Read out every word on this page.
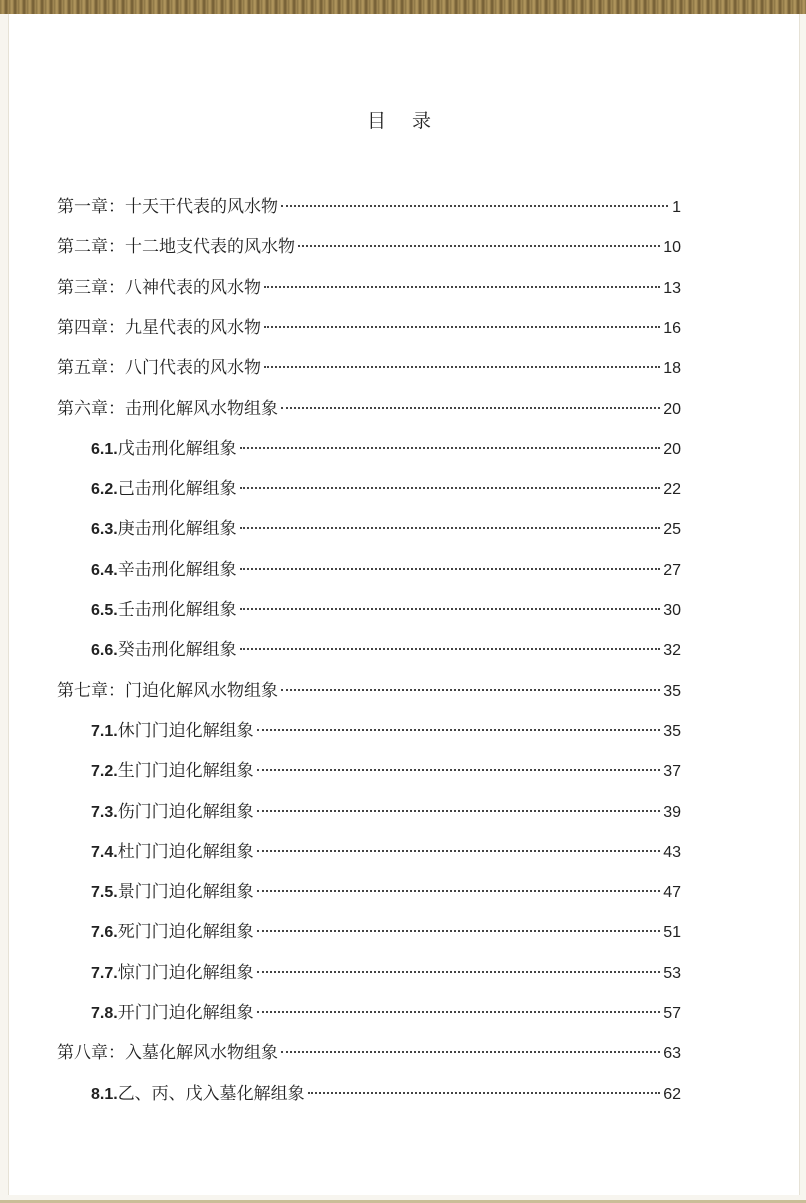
目 录
第一章：十天干代表的风水物	1
第二章：十二地支代表的风水物	10
第三章：八神代表的风水物	13
第四章：九星代表的风水物	16
第五章：八门代表的风水物	18
第六章：击刑化解风水物组象	20
6.1.戊击刑化解组象	20
6.2.己击刑化解组象	22
6.3.庚击刑化解组象	25
6.4.辛击刑化解组象	27
6.5.壬击刑化解组象	30
6.6.癸击刑化解组象	32
第七章：门迫化解风水物组象	35
7.1.休门门迫化解组象	35
7.2.生门门迫化解组象	37
7.3.伤门门迫化解组象	39
7.4.杜门门迫化解组象	43
7.5.景门门迫化解组象	47
7.6.死门门迫化解组象	51
7.7.惊门门迫化解组象	53
7.8.开门门迫化解组象	57
第八章：入墓化解风水物组象	63
8.1.乙、丙、戊入墓化解组象	62
